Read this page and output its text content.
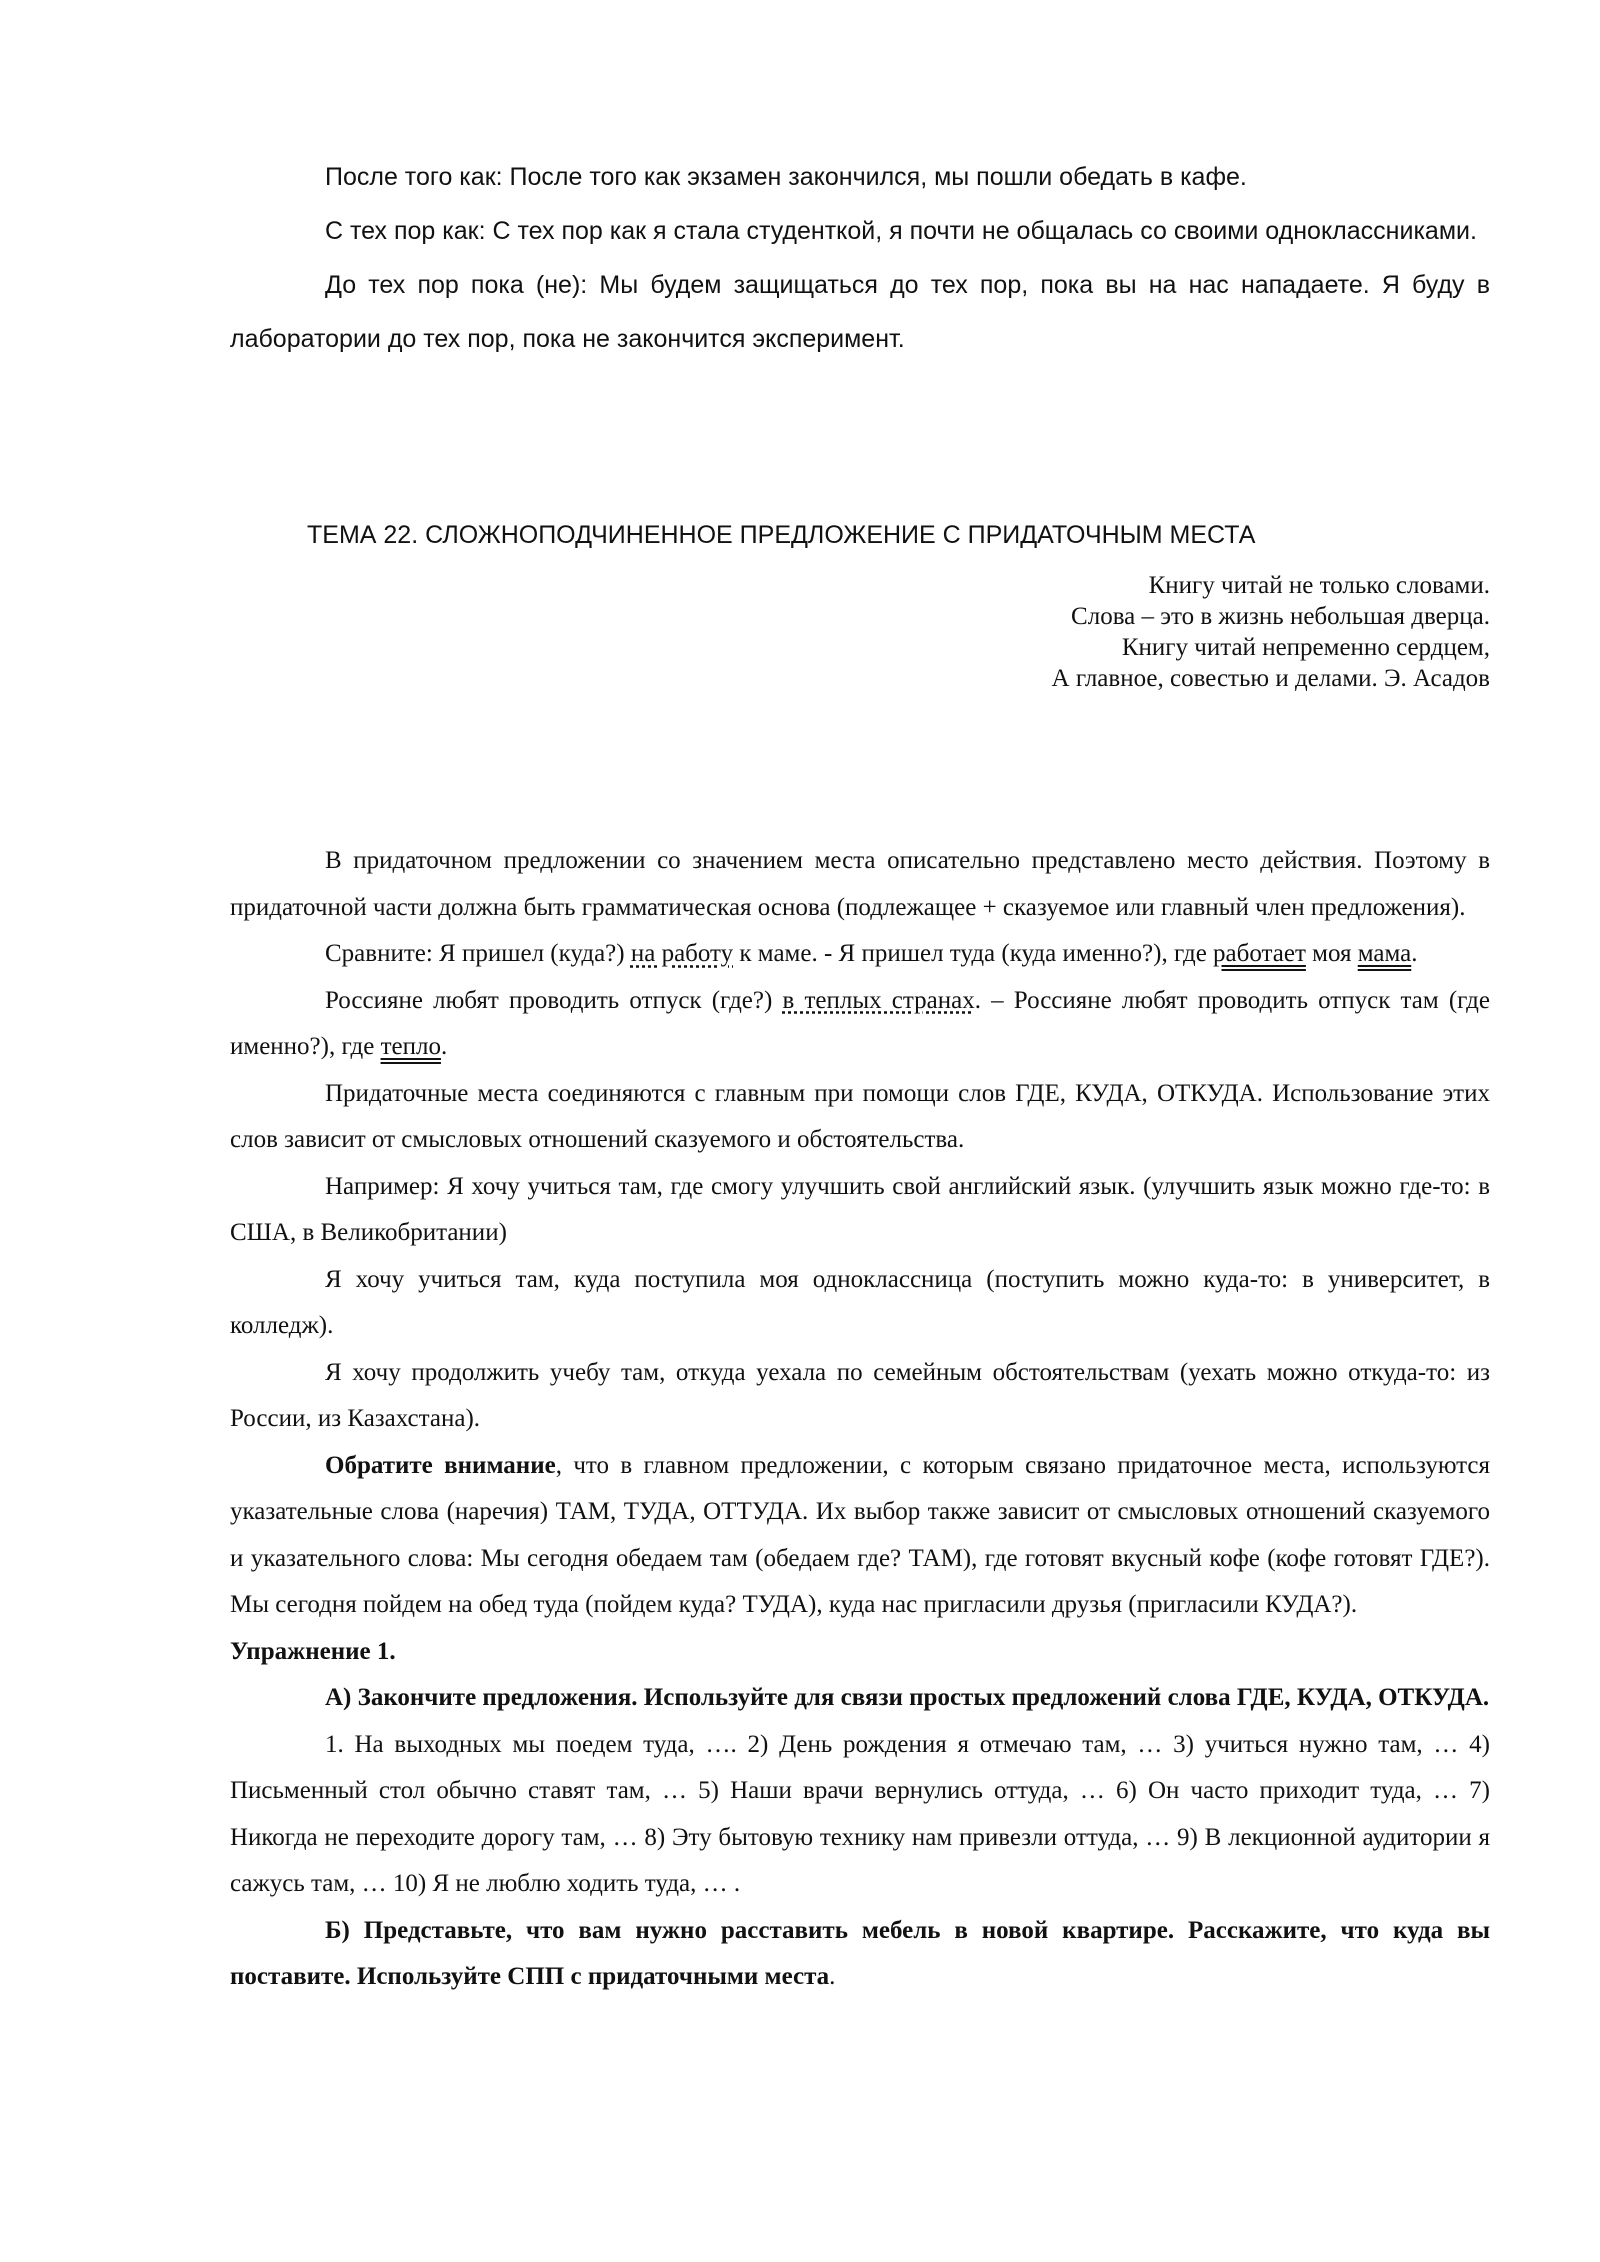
После того как: После того как экзамен закончился, мы пошли обедать в кафе.

С тех пор как: С тех пор как я стала студенткой, я почти не общалась со своими одноклассниками.

До тех пор пока (не): Мы будем защищаться до тех пор, пока вы на нас нападаете. Я буду в лаборатории до тех пор, пока не закончится эксперимент.

ТЕМА 22. СЛОЖНОПОДЧИНЕННОЕ ПРЕДЛОЖЕНИЕ С ПРИДАТОЧНЫМ МЕСТА

Книгу читай не только словами.
Слова – это в жизнь небольшая дверца.
Книгу читай непременно сердцем,
А главное, совестью и делами. Э. Асадов

В придаточном предложении со значением места описательно представлено место действия. Поэтому в придаточной части должна быть грамматическая основа (подлежащее + сказуемое или главный член предложения).

Сравните: Я пришел (куда?) на работу к маме. - Я пришел туда (куда именно?), где работает моя мама.

Россияне любят проводить отпуск (где?) в теплых странах. – Россияне любят проводить отпуск там (где именно?), где тепло.

Придаточные места соединяются с главным при помощи слов ГДЕ, КУДА, ОТКУДА. Использование этих слов зависит от смысловых отношений сказуемого и обстоятельства.

Например: Я хочу учиться там, где смогу улучшить свой английский язык. (улучшить язык можно где-то: в США, в Великобритании)

Я хочу учиться там, куда поступила моя одноклассница (поступить можно куда-то: в университет, в колледж).

Я хочу продолжить учебу там, откуда уехала по семейным обстоятельствам (уехать можно откуда-то: из России, из Казахстана).

Обратите внимание, что в главном предложении, с которым связано придаточное места, используются указательные слова (наречия) ТАМ, ТУДА, ОТТУДА. Их выбор также зависит от смысловых отношений сказуемого и указательного слова: Мы сегодня обедаем там (обедаем где? ТАМ), где готовят вкусный кофе (кофе готовят ГДЕ?). Мы сегодня пойдем на обед туда (пойдем куда? ТУДА), куда нас пригласили друзья (пригласили КУДА?).

Упражнение 1.

А) Закончите предложения. Используйте для связи простых предложений слова ГДЕ, КУДА, ОТКУДА.

1. На выходных мы поедем туда, …. 2) День рождения я отмечаю там, … 3) учиться нужно там, … 4) Письменный стол обычно ставят там, … 5) Наши врачи вернулись оттуда, … 6) Он часто приходит туда, … 7) Никогда не переходите дорогу там, … 8) Эту бытовую технику нам привезли оттуда, … 9) В лекционной аудитории я сажусь там, … 10) Я не люблю ходить туда, … .

Б) Представьте, что вам нужно расставить мебель в новой квартире. Расскажите, что куда вы поставите. Используйте СПП с придаточными места.
